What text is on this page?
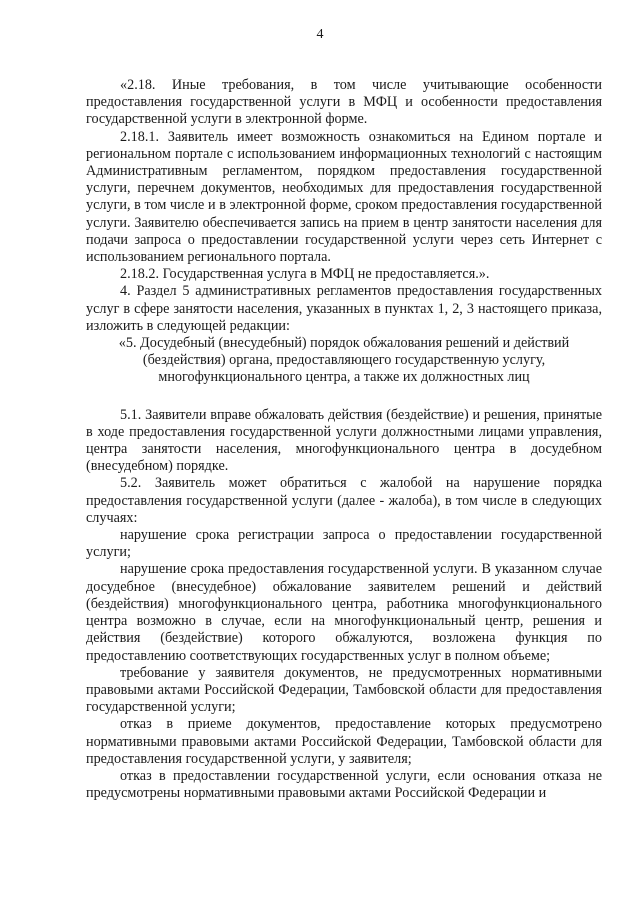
4

«2.18. Иные требования, в том числе учитывающие особенности предоставления государственной услуги в МФЦ и особенности предоставления государственной услуги в электронной форме.

2.18.1. Заявитель имеет возможность ознакомиться на Едином портале и региональном портале с использованием информационных технологий с настоящим Административным регламентом, порядком предоставления государственной услуги, перечнем документов, необходимых для предоставления государственной услуги, в том числе и в электронной форме, сроком предоставления государственной услуги. Заявителю обеспечивается запись на прием в центр занятости населения для подачи запроса о предоставлении государственной услуги через сеть Интернет с использованием регионального портала.

2.18.2. Государственная услуга в МФЦ не предоставляется.».

4. Раздел 5 административных регламентов предоставления государственных услуг в сфере занятости населения, указанных в пунктах 1, 2, 3 настоящего приказа, изложить в следующей редакции:

«5. Досудебный (внесудебный) порядок обжалования решений и действий

(бездействия) органа, предоставляющего государственную услугу,

многофункционального центра, а также их должностных лиц

5.1. Заявители вправе обжаловать действия (бездействие) и решения, принятые в ходе предоставления государственной услуги должностными лицами управления, центра занятости населения, многофункционального центра в досудебном (внесудебном) порядке.

5.2. Заявитель может обратиться с жалобой на нарушение порядка предоставления государственной услуги (далее - жалоба), в том числе в следующих случаях:

нарушение срока регистрации запроса о предоставлении государственной услуги;

нарушение срока предоставления государственной услуги. В указанном случае досудебное (внесудебное) обжалование заявителем решений и действий (бездействия) многофункционального центра, работника многофункционального центра возможно в случае, если на многофункциональный центр, решения и действия (бездействие) которого обжалуются, возложена функция по предоставлению соответствующих государственных услуг в полном объеме;

требование у заявителя документов, не предусмотренных нормативными правовыми актами Российской Федерации, Тамбовской области для предоставления государственной услуги;

отказ в приеме документов, предоставление которых предусмотрено нормативными правовыми актами Российской Федерации, Тамбовской области для предоставления государственной услуги, у заявителя;

отказ в предоставлении государственной услуги, если основания отказа не предусмотрены нормативными правовыми актами Российской Федерации и
